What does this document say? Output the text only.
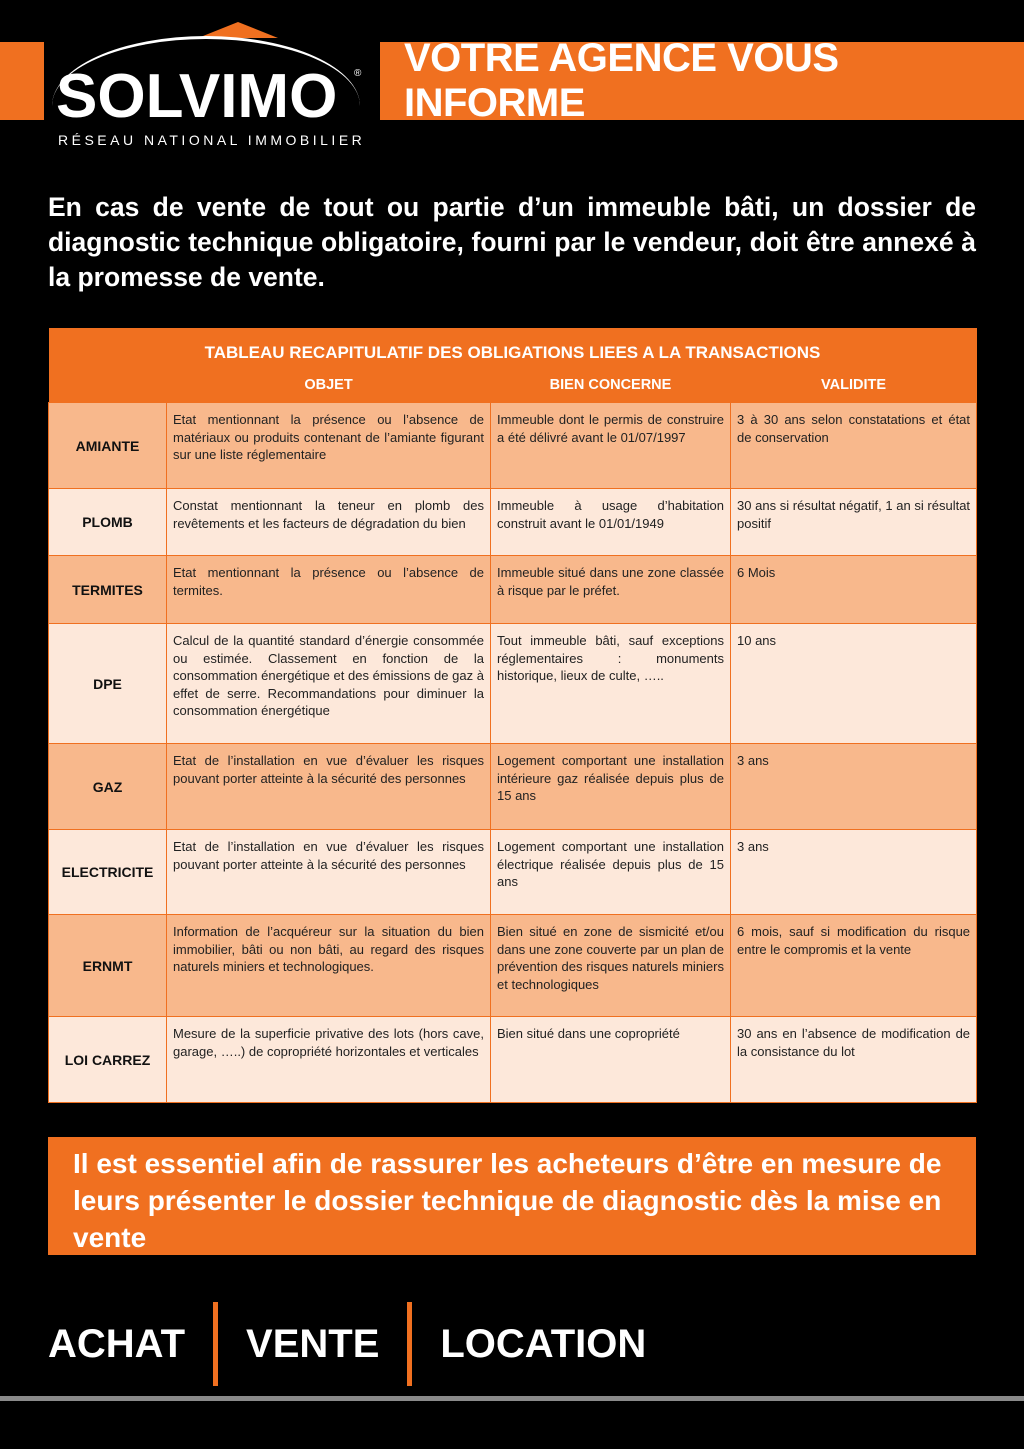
SOLVIMO ®
RÉSEAU NATIONAL IMMOBILIER
VOTRE AGENCE VOUS INFORME
En cas de vente de tout ou partie d’un immeuble bâti, un dossier de diagnostic technique obligatoire, fourni par le vendeur, doit être annexé à la promesse de vente.
TABLEAU RECAPITULATIF DES OBLIGATIONS LIEES A LA TRANSACTIONS			
	OBJET	BIEN CONCERNE	VALIDITE
AMIANTE	Etat mentionnant la présence ou l’absence de matériaux ou produits contenant de l’amiante figurant sur une liste réglementaire	Immeuble dont le permis de construire a été délivré avant le 01/07/1997	3 à 30 ans selon constatations et état de conservation
PLOMB	Constat mentionnant la teneur en plomb des revêtements et les facteurs de dégradation du bien	Immeuble à usage d’habitation construit avant le 01/01/1949	30 ans si résultat négatif, 1 an si résultat positif
TERMITES	Etat mentionnant la présence ou l’absence de termites.	Immeuble situé dans une zone classée à risque par le préfet.	6 Mois
DPE	Calcul de la quantité standard d’énergie consommée ou estimée. Classement en fonction de la consommation énergétique et des émissions de gaz à effet de serre. Recommandations pour diminuer la consommation énergétique	Tout immeuble bâti, sauf exceptions réglementaires : monuments historique, lieux de culte, …..	10 ans
GAZ	Etat de l’installation en vue d’évaluer les risques pouvant porter atteinte à la sécurité des personnes	Logement comportant une installation intérieure gaz réalisée depuis plus de 15 ans	3 ans
ELECTRICITE	Etat de l’installation en vue d’évaluer les risques pouvant porter atteinte à la sécurité des personnes	Logement comportant une installation électrique réalisée depuis plus de 15 ans	3 ans
ERNMT	Information de l’acquéreur sur la situation du bien immobilier, bâti ou non bâti, au regard des risques naturels miniers et technologiques.	Bien situé en zone de sismicité et/ou dans une zone couverte par un plan de prévention des risques naturels miniers et technologiques	6 mois, sauf si modification du risque entre le compromis et la vente
LOI CARREZ	Mesure de la superficie privative des lots (hors cave, garage, …..) de copropriété horizontales et verticales	Bien situé dans une copropriété	30 ans en l’absence de modification de la consistance du lot
Il est essentiel afin de rassurer les acheteurs d’être en mesure de leurs présenter le dossier technique de diagnostic dès la mise en vente
ACHAT VENTE LOCATION
